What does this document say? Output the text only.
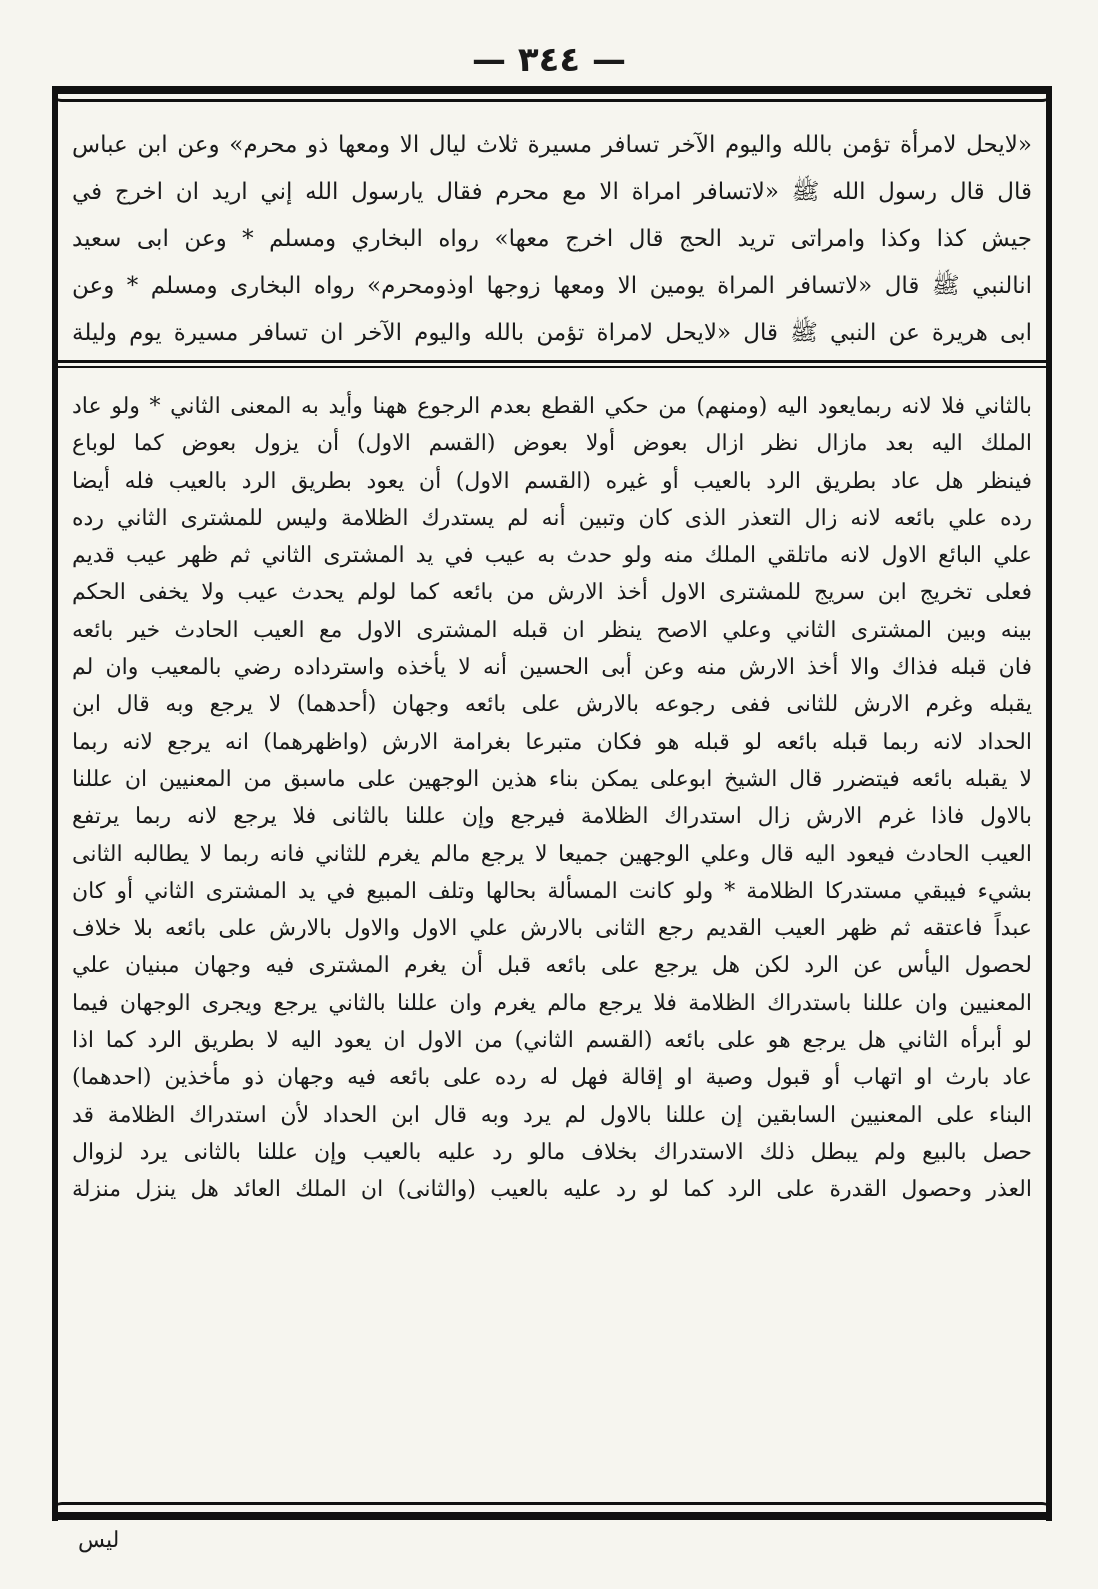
— ٣٤٤ —
«لايحل لامرأة تؤمن بالله واليوم الآخر تسافر مسيرة ثلاث ليال الا ومعها ذو محرم» وعن ابن عباس
قال قال رسول الله ﷺ «لاتسافر امراة الا مع محرم فقال يارسول الله إني اريد ان اخرج في
جيش كذا وكذا وامراتى تريد الحج قال اخرج معها» رواه البخاري ومسلم * وعن ابى سعيد
انالنبي ﷺ قال «لاتسافر المراة يومين الا ومعها زوجها اوذومحرم» رواه البخارى ومسلم * وعن
ابى هريرة عن النبي ﷺ قال «لايحل لامراة تؤمن بالله واليوم الآخر ان تسافر مسيرة يوم وليلة
بالثاني فلا لانه ربمايعود اليه (ومنهم) من حكي القطع بعدم الرجوع ههنا وأيد به المعنى الثاني * ولو عاد
الملك اليه بعد مازال نظر ازال بعوض أولا بعوض (القسم الاول) أن يزول بعوض كما لوباع
فينظر هل عاد بطريق الرد بالعيب أو غيره (القسم الاول) أن يعود بطريق الرد بالعيب فله أيضا
رده علي بائعه لانه زال التعذر الذى كان وتبين أنه لم يستدرك الظلامة وليس للمشترى الثاني رده
علي البائع الاول لانه ماتلقي الملك منه ولو حدث به عيب في يد المشترى الثاني ثم ظهر عيب قديم
فعلى تخريج ابن سريج للمشترى الاول أخذ الارش من بائعه كما لولم يحدث عيب ولا يخفى الحكم
بينه وبين المشترى الثاني وعلي الاصح ينظر ان قبله المشترى الاول مع العيب الحادث خير بائعه
فان قبله فذاك والا أخذ الارش منه وعن أبى الحسين أنه لا يأخذه واسترداده رضي بالمعيب وان لم
يقبله وغرم الارش للثانى ففى رجوعه بالارش على بائعه وجهان (أحدهما) لا يرجع وبه قال ابن
الحداد لانه ربما قبله بائعه لو قبله هو فكان متبرعا بغرامة الارش (واظهرهما) انه يرجع لانه ربما
لا يقبله بائعه فيتضرر قال الشيخ ابوعلى يمكن بناء هذين الوجهين على ماسبق من المعنيين ان عللنا
بالاول فاذا غرم الارش زال استدراك الظلامة فيرجع وإن عللنا بالثانى فلا يرجع لانه ربما يرتفع
العيب الحادث فيعود اليه قال وعلي الوجهين جميعا لا يرجع مالم يغرم للثاني فانه ربما لا يطالبه الثانى
بشيء فيبقي مستدركا الظلامة * ولو كانت المسألة بحالها وتلف المبيع في يد المشترى الثاني أو كان
عبداً فاعتقه ثم ظهر العيب القديم رجع الثانى بالارش علي الاول والاول بالارش على بائعه بلا خلاف
لحصول اليأس عن الرد لكن هل يرجع على بائعه قبل أن يغرم المشترى فيه وجهان مبنيان علي
المعنيين وان عللنا باستدراك الظلامة فلا يرجع مالم يغرم وان عللنا بالثاني يرجع ويجرى الوجهان فيما
لو أبرأه الثاني هل يرجع هو على بائعه (القسم الثاني) من الاول ان يعود اليه لا بطريق الرد كما اذا
عاد بارث او اتهاب أو قبول وصية او إقالة فهل له رده على بائعه فيه وجهان ذو مأخذين (احدهما)
البناء على المعنيين السابقين إن عللنا بالاول لم يرد وبه قال ابن الحداد لأن استدراك الظلامة قد
حصل بالبيع ولم يبطل ذلك الاستدراك بخلاف مالو رد عليه بالعيب وإن عللنا بالثانى يرد لزوال
العذر وحصول القدرة على الرد كما لو رد عليه بالعيب (والثانى) ان الملك العائد هل ينزل منزلة
ليس
